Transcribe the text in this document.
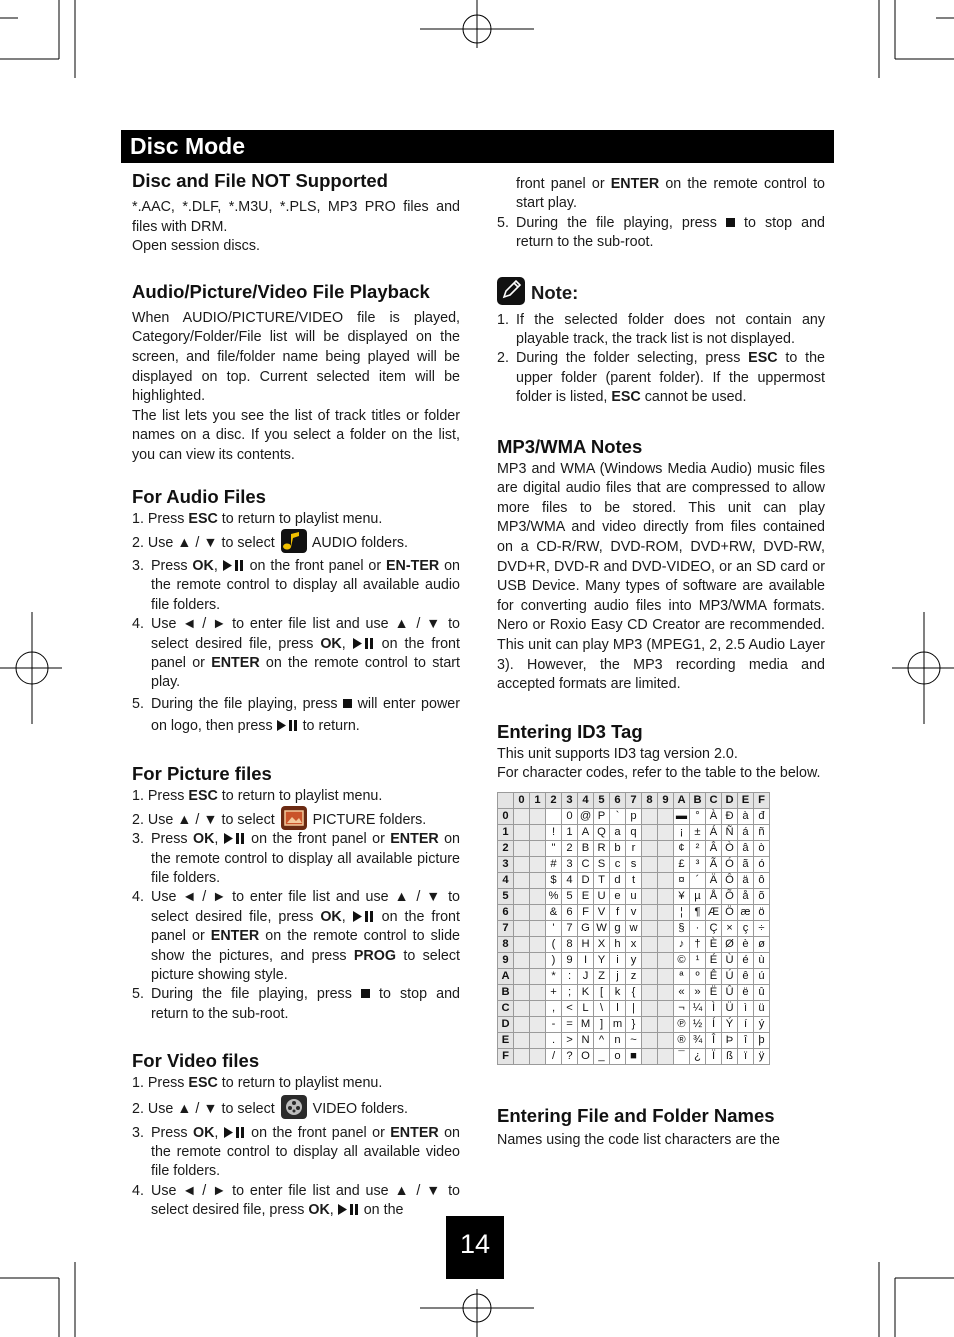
Disc Mode
Disc and File NOT Supported

*.AAC, *.DLF, *.M3U, *.PLS, MP3 PRO files and files with DRM.

Open session discs.

Audio/Picture/Video File Playback

When AUDIO/PICTURE/VIDEO file is played, Category/Folder/File list will be displayed on the screen, and file/folder name being played will be displayed on top. Current selected item will be highlighted.

The list lets you see the list of track titles or folder names on a disc. If you select a folder on the list, you can view its contents.

For Audio Files
1. Press ESC to return to playlist menu.
2. Use ▲ / ▼ to select  AUDIO folders.
3. Press OK,  on the front panel or EN-TER on the remote control to display all available audio file folders.
4. Use ◄ / ► to enter file list and use ▲ / ▼ to select desired file, press OK,  on the front panel or ENTER on the remote control to start play.
5. During the file playing, press  will enter power on logo, then press  to return.
For Picture files
1. Press ESC to return to playlist menu.
2. Use ▲ / ▼ to select  PICTURE folders.
3. Press OK,  on the front panel or ENTER on the remote control to display all available picture file folders.
4. Use ◄ / ► to enter file list and use ▲ / ▼ to select desired file, press OK,  on the front panel or ENTER on the remote control to slide show the pictures, and press PROG to select picture showing style.
5. During the file playing, press  to stop and return to the sub-root.
For Video files
1. Press ESC to return to playlist menu.
2. Use ▲ / ▼ to select  VIDEO folders.
3. Press OK,  on the front panel or ENTER on the remote control to display all available video file folders.
4. Use ◄ / ► to enter file list and use ▲ / ▼ to select desired file, press OK,  on the
front panel or ENTER on the remote control to start play.
5. During the file playing, press  to stop and return to the sub-root.
Note:
1. If the selected folder does not contain any playable track, the track list is not displayed.
2. During the folder selecting, press ESC to the upper folder (parent folder). If the uppermost folder is listed, ESC cannot be used.
MP3/WMA Notes

MP3 and WMA (Windows Media Audio) music files are digital audio files that are compressed to allow more files to be stored. This unit can play MP3/WMA and video directly from files contained on a CD-R/RW, DVD-ROM, DVD+RW, DVD-RW, DVD+R, DVD-R and DVD-VIDEO, or an SD card or USB Device. Many types of software are available for converting audio files into MP3/WMA formats. Nero or Roxio Easy CD Creator are recommended. This unit can play MP3 (MPEG1, 2, 2.5 Audio Layer 3). However, the MP3 recording media and accepted formats are limited.

Entering ID3 Tag

This unit supports ID3 tag version 2.0.

For character codes, refer to the table to the below.

	0	1	2	3	4	5	6	7	8	9	A	B	C	D	E	F
0				0	@	P	`	p			▬	°	À	Ð	à	đ
1			!	1	A	Q	a	q			¡	±	Á	Ñ	á	ñ
2			"	2	B	R	b	r			¢	²	Â	Ò	â	ò
3			#	3	C	S	c	s			£	³	Ã	Ó	ã	ó
4			$	4	D	T	d	t			¤	´	Ä	Ô	ä	ô
5			%	5	E	U	e	u			¥	µ	Å	Õ	å	õ
6			&	6	F	V	f	v			¦	¶	Æ	Ö	æ	ö
7			'	7	G	W	g	w			§	·	Ç	×	ç	÷
8			(	8	H	X	h	x			♪	†	È	Ø	è	ø
9			)	9	I	Y	i	y			©	¹	É	Ù	é	ù
A			*	:	J	Z	j	z			ª	º	Ê	Ú	ê	ú
B			+	;	K	[	k	{			«	»	Ë	Û	ë	û
C			,	<	L	\	l	|			¬	¼	Ì	Ü	ì	ü
D			-	=	M	]	m	}			℗	½	Í	Ý	í	ý
E			.	>	N	^	n	~			®	¾	Î	Þ	î	þ
F			/	?	O	_	o	■			¯	¿	Ï	ß	ï	ÿ
Entering File and Folder Names

Names using the code list characters are the

14
